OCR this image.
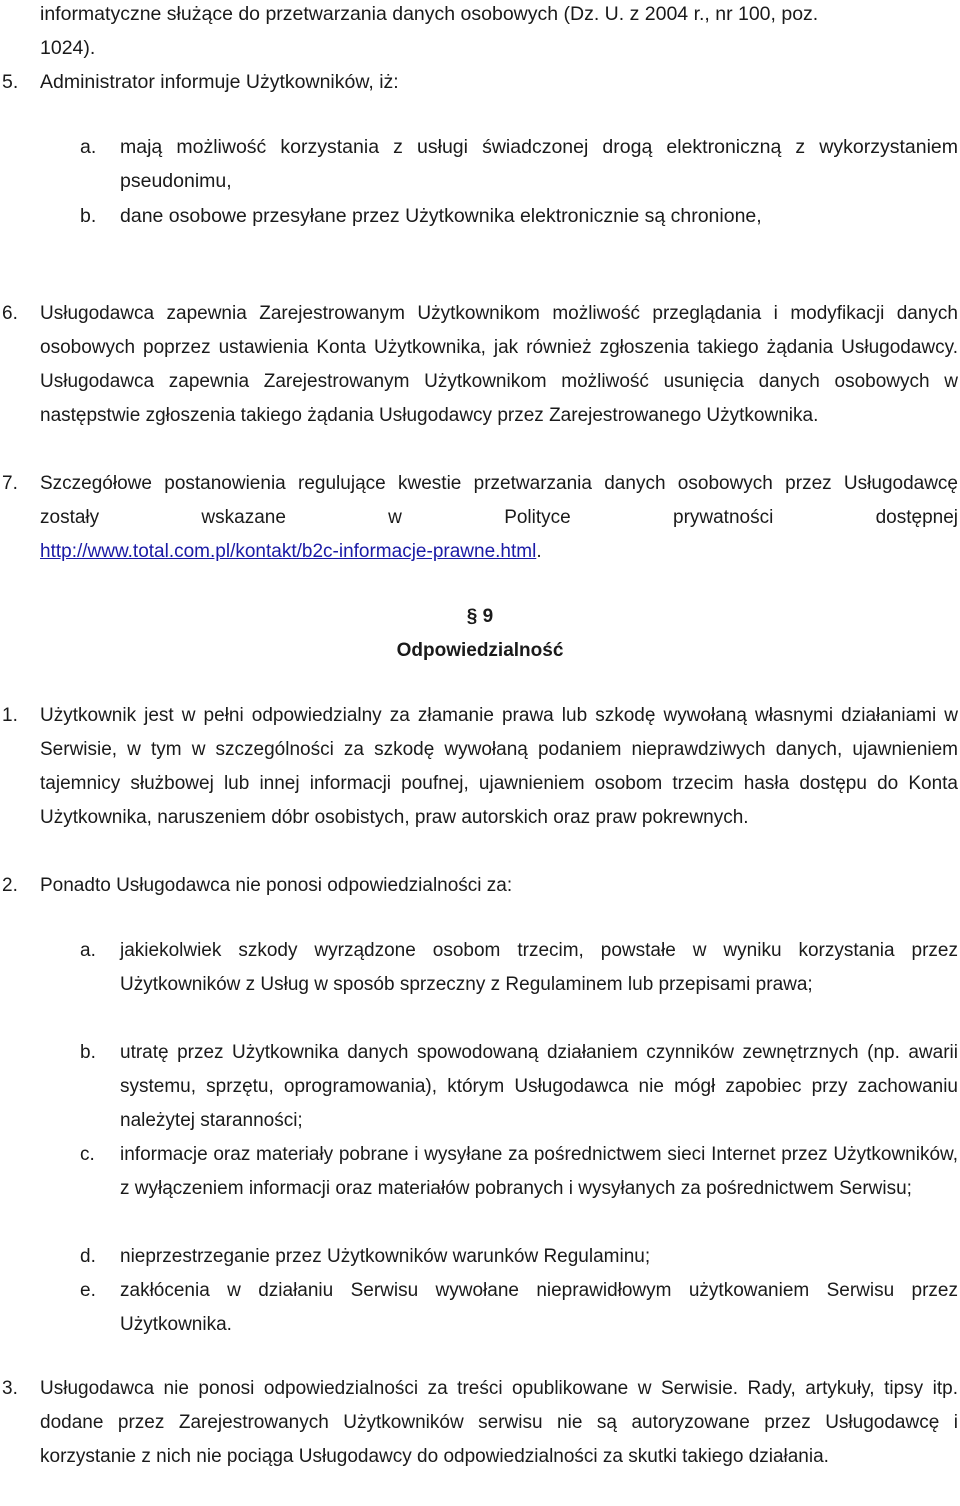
informatyczne służące do przetwarzania danych osobowych (Dz. U. z 2004 r., nr 100, poz.
1024).
5. Administrator informuje Użytkowników, iż:
a. mają możliwość korzystania z usługi świadczonej drogą elektroniczną z wykorzystaniem pseudonimu,
b. dane osobowe przesyłane przez Użytkownika elektronicznie są chronione,
6. Usługodawca zapewnia Zarejestrowanym Użytkownikom możliwość przeglądania i modyfikacji danych osobowych poprzez ustawienia Konta Użytkownika, jak również zgłoszenia takiego żądania Usługodawcy. Usługodawca zapewnia Zarejestrowanym Użytkownikom możliwość usunięcia danych osobowych w następstwie zgłoszenia takiego żądania Usługodawcy przez Zarejestrowanego Użytkownika.
7. Szczegółowe postanowienia regulujące kwestie przetwarzania danych osobowych przez Usługodawcę zostały wskazane w Polityce prywatności dostępnej
http://www.total.com.pl/kontakt/b2c-informacje-prawne.html.
§ 9
Odpowiedzialność
1. Użytkownik jest w pełni odpowiedzialny za złamanie prawa lub szkodę wywołaną własnymi działaniami w Serwisie, w tym w szczególności za szkodę wywołaną podaniem nieprawdziwych danych, ujawnieniem tajemnicy służbowej lub innej informacji poufnej, ujawnieniem osobom trzecim hasła dostępu do Konta Użytkownika, naruszeniem dóbr osobistych, praw autorskich oraz praw pokrewnych.
2. Ponadto Usługodawca nie ponosi odpowiedzialności za:
a. jakiekolwiek szkody wyrządzone osobom trzecim, powstałe w wyniku korzystania przez Użytkowników z Usług w sposób sprzeczny z Regulaminem lub przepisami prawa;
b. utratę przez Użytkownika danych spowodowaną działaniem czynników zewnętrznych (np. awarii systemu, sprzętu, oprogramowania), którym Usługodawca nie mógł zapobiec przy zachowaniu należytej staranności;
c. informacje oraz materiały pobrane i wysyłane za pośrednictwem sieci Internet przez Użytkowników, z wyłączeniem informacji oraz materiałów pobranych i wysyłanych za pośrednictwem Serwisu;
d. nieprzestrzeganie przez Użytkowników warunków Regulaminu;
e. zakłócenia w działaniu Serwisu wywołane nieprawidłowym użytkowaniem Serwisu przez Użytkownika.
3. Usługodawca nie ponosi odpowiedzialności za treści opublikowane w Serwisie. Rady, artykuły, tipsy itp. dodane przez Zarejestrowanych Użytkowników serwisu nie są autoryzowane przez Usługodawcę i korzystanie z nich nie pociąga Usługodawcy do odpowiedzialności za skutki takiego działania.
